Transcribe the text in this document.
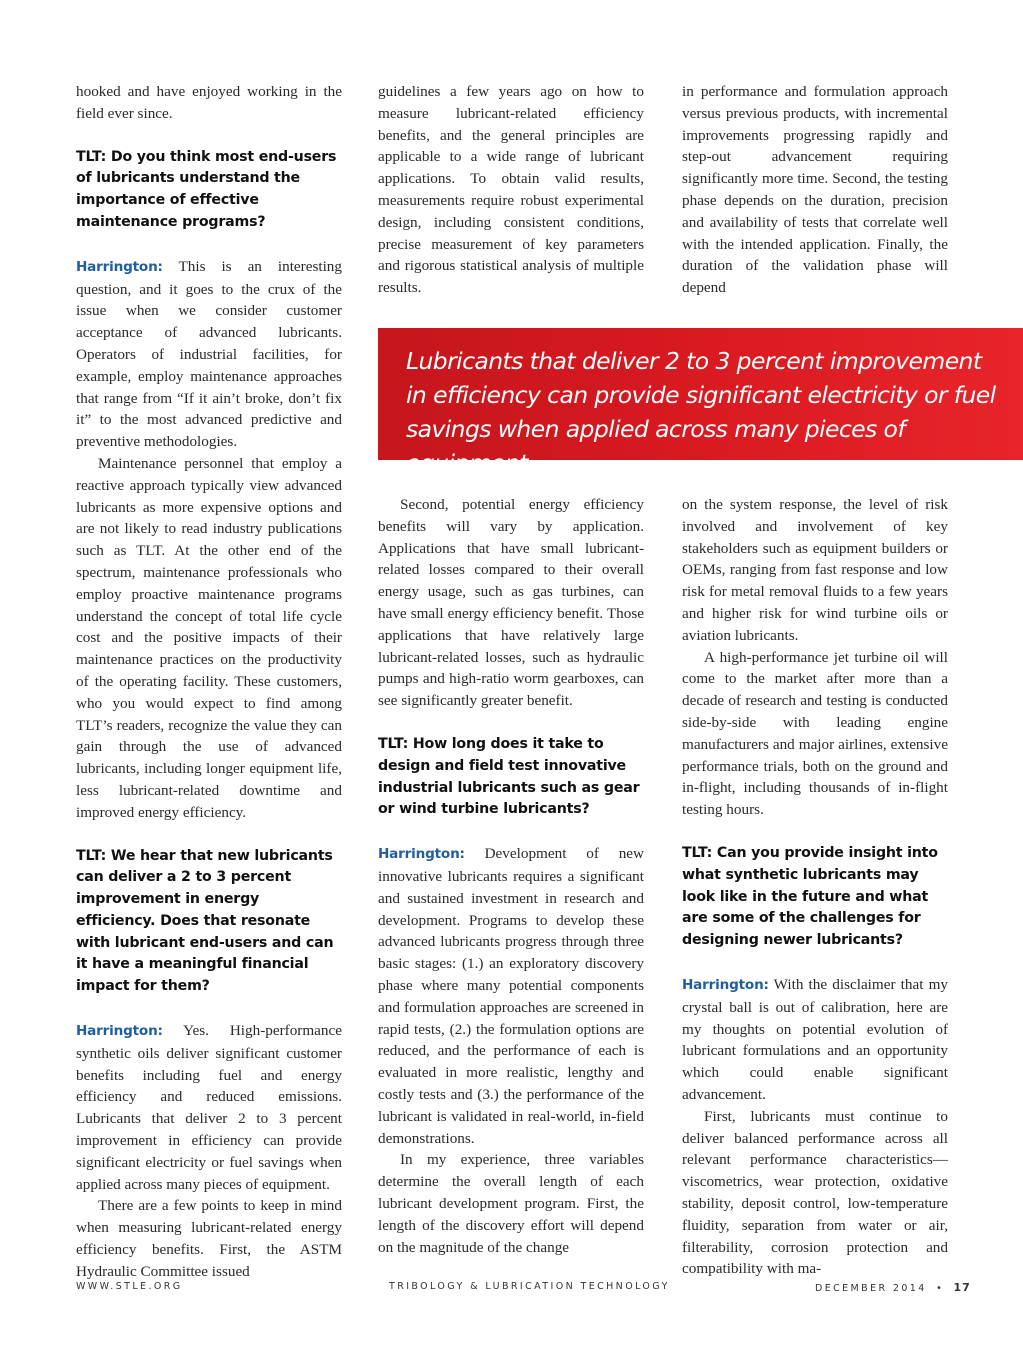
hooked and have enjoyed working in the field ever since.

TLT: Do you think most end-users of lubricants understand the importance of effective maintenance programs?

Harrington: This is an interesting question, and it goes to the crux of the issue when we consider customer acceptance of advanced lubricants. Operators of industrial facilities, for example, employ maintenance approaches that range from “If it ain’t broke, don’t fix it” to the most advanced predictive and preventive methodologies.

Maintenance personnel that employ a reactive approach typically view advanced lubricants as more expensive options and are not likely to read industry publications such as TLT. At the other end of the spectrum, maintenance professionals who employ proactive maintenance programs understand the concept of total life cycle cost and the positive impacts of their maintenance practices on the productivity of the operating facility. These customers, who you would expect to find among TLT’s readers, recognize the value they can gain through the use of advanced lubricants, including longer equipment life, less lubricant-related downtime and improved energy efficiency.

TLT: We hear that new lubricants can deliver a 2 to 3 percent improvement in energy efficiency. Does that resonate with lubricant end-users and can it have a meaningful financial impact for them?

Harrington: Yes. High-performance synthetic oils deliver significant customer benefits including fuel and energy efficiency and reduced emissions. Lubricants that deliver 2 to 3 percent improvement in efficiency can provide significant electricity or fuel savings when applied across many pieces of equipment.

There are a few points to keep in mind when measuring lubricant-related energy efficiency benefits. First, the ASTM Hydraulic Committee issued

guidelines a few years ago on how to measure lubricant-related efficiency benefits, and the general principles are applicable to a wide range of lubricant applications. To obtain valid results, measurements require robust experimental design, including consistent conditions, precise measurement of key parameters and rigorous statistical analysis of multiple results.

in performance and formulation approach versus previous products, with incremental improvements progressing rapidly and step-out advancement requiring significantly more time. Second, the testing phase depends on the duration, precision and availability of tests that correlate well with the intended application. Finally, the duration of the validation phase will depend

Lubricants that deliver 2 to 3 percent improvement in efficiency can provide significant electricity or fuel savings when applied across many pieces of equipment.

Second, potential energy efficiency benefits will vary by application. Applications that have small lubricant-related losses compared to their overall energy usage, such as gas turbines, can have small energy efficiency benefit. Those applications that have relatively large lubricant-related losses, such as hydraulic pumps and high-ratio worm gearboxes, can see significantly greater benefit.

TLT: How long does it take to design and field test innovative industrial lubricants such as gear or wind turbine lubricants?

Harrington: Development of new innovative lubricants requires a significant and sustained investment in research and development. Programs to develop these advanced lubricants progress through three basic stages: (1.) an exploratory discovery phase where many potential components and formulation approaches are screened in rapid tests, (2.) the formulation options are reduced, and the performance of each is evaluated in more realistic, lengthy and costly tests and (3.) the performance of the lubricant is validated in real-world, in-field demonstrations.

In my experience, three variables determine the overall length of each lubricant development program. First, the length of the discovery effort will depend on the magnitude of the change

on the system response, the level of risk involved and involvement of key stakeholders such as equipment builders or OEMs, ranging from fast response and low risk for metal removal fluids to a few years and higher risk for wind turbine oils or aviation lubricants.

A high-performance jet turbine oil will come to the market after more than a decade of research and testing is conducted side-by-side with leading engine manufacturers and major airlines, extensive performance trials, both on the ground and in-flight, including thousands of in-flight testing hours.

TLT: Can you provide insight into what synthetic lubricants may look like in the future and what are some of the challenges for designing newer lubricants?

Harrington: With the disclaimer that my crystal ball is out of calibration, here are my thoughts on potential evolution of lubricant formulations and an opportunity which could enable significant advancement.

First, lubricants must continue to deliver balanced performance across all relevant performance characteristics—viscometrics, wear protection, oxidative stability, deposit control, low-temperature fluidity, separation from water or air, filterability, corrosion protection and compatibility with ma-

WWW.STLE.ORG	TRIBOLOGY & LUBRICATION TECHNOLOGY	DECEMBER 2014 • 17
